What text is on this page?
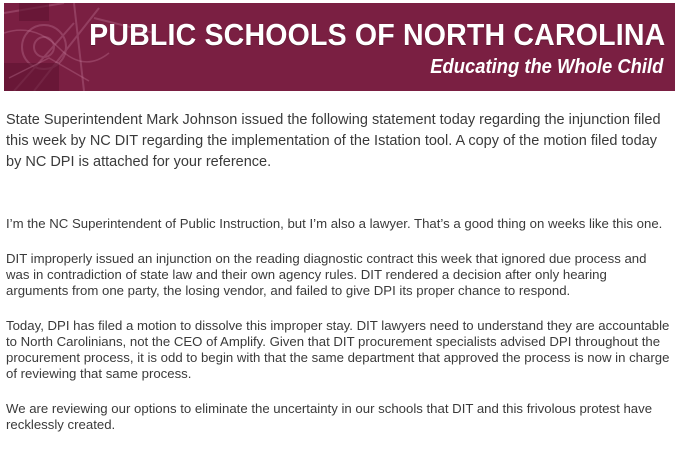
PUBLIC SCHOOLS OF NORTH CAROLINA
Educating the Whole Child

State Superintendent Mark Johnson issued the following statement today regarding the injunction filed this week by NC DIT regarding the implementation of the Istation tool. A copy of the motion filed today by NC DPI is attached for your reference.

I’m the NC Superintendent of Public Instruction, but I’m also a lawyer. That’s a good thing on weeks like this one.

DIT improperly issued an injunction on the reading diagnostic contract this week that ignored due process and was in contradiction of state law and their own agency rules. DIT rendered a decision after only hearing arguments from one party, the losing vendor, and failed to give DPI its proper chance to respond.

Today, DPI has filed a motion to dissolve this improper stay. DIT lawyers need to understand they are accountable to North Carolinians, not the CEO of Amplify. Given that DIT procurement specialists advised DPI throughout the procurement process, it is odd to begin with that the same department that approved the process is now in charge of reviewing that same process.

We are reviewing our options to eliminate the uncertainty in our schools that DIT and this frivolous protest have recklessly created.
